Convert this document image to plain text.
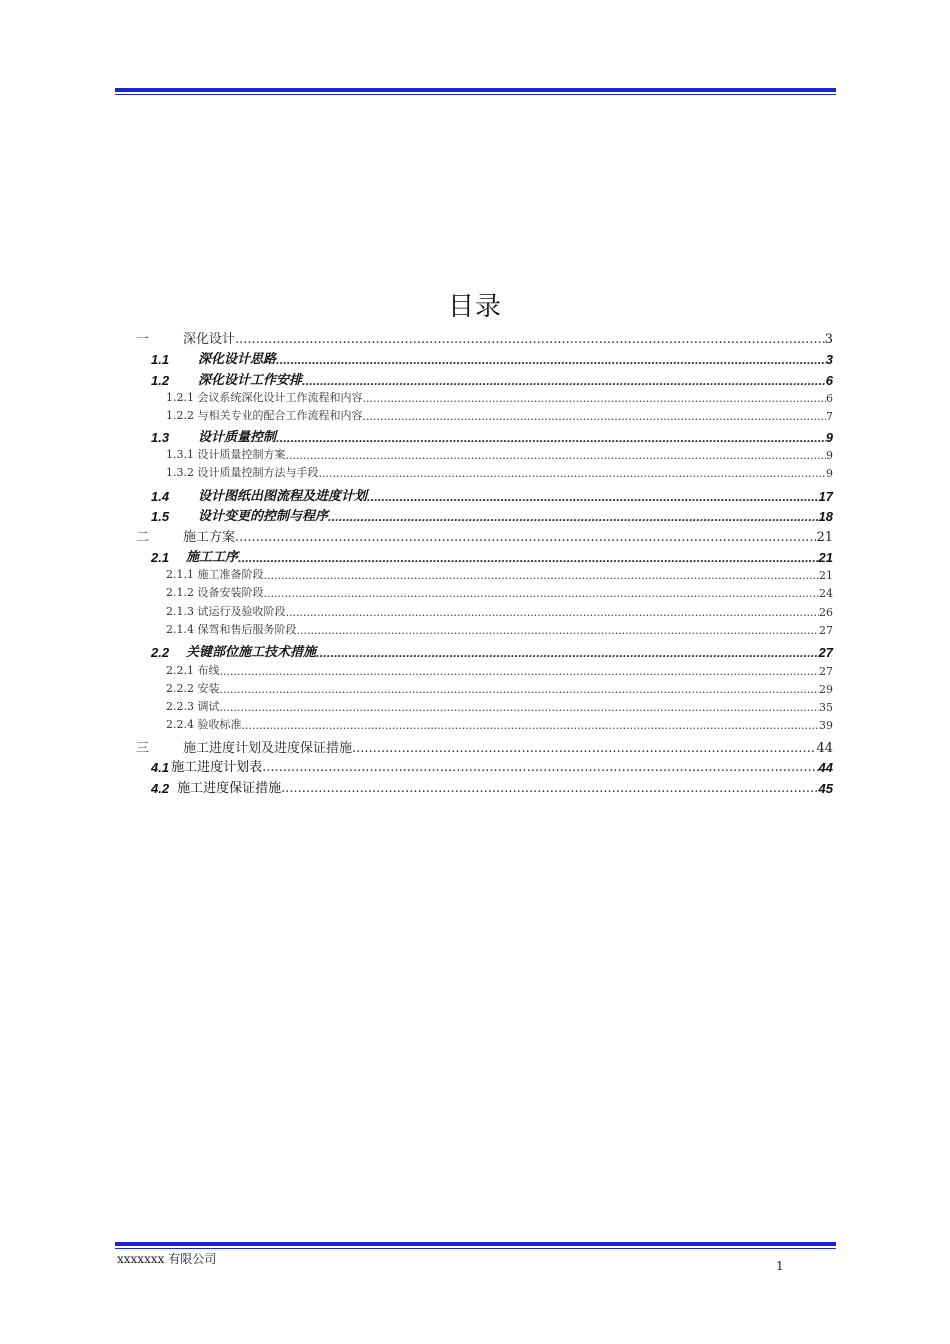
目录
一	深化设计 .....	3
1.1 深化设计思路 .....	3
1.2 深化设计工作安排 .....	6
1.2.1 会议系统深化设计工作流程和内容 .....	6
1.2.2 与相关专业的配合工作流程和内容 .....	7
1.3 设计质量控制 .....	9
1.3.1 设计质量控制方案 .....	9
1.3.2 设计质量控制方法与手段 .....	9
1.4 设计图纸出图流程及进度计划 .....	17
1.5 设计变更的控制与程序 .....	18
二	施工方案 .....	21
2.1 施工工序 .....	21
2.1.1 施工准备阶段 .....	21
2.1.2 设备安装阶段 .....	24
2.1.3 试运行及验收阶段 .....	26
2.1.4 保驾和售后服务阶段 .....	27
2.2 关键部位施工技术措施 .....	27
2.2.1 布线 .....	27
2.2.2 安装 .....	29
2.2.3 调试 .....	35
2.2.4 验收标准 .....	39
三	施工进度计划及进度保证措施 .....	44
4.1 施工进度计划表 .....	44
4.2 施工进度保证措施 .....	45
xxxxxxx 有限公司	1
